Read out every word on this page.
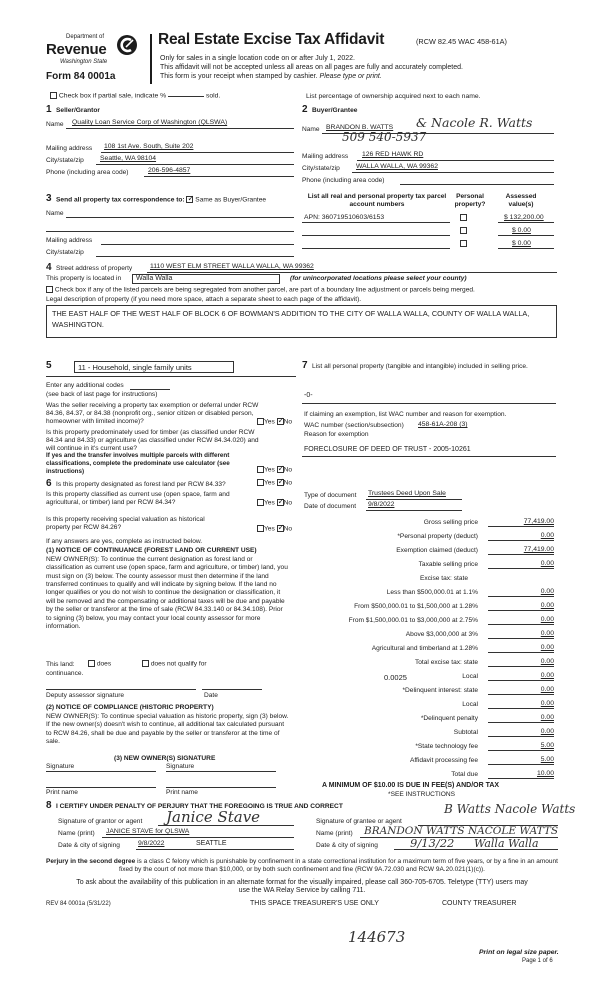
Department of
Revenue
Washington State
Form 84 0001a
Real Estate Excise Tax Affidavit	(RCW 82.45 WAC 458-61A)
Only for sales in a single location code on or after July 1, 2022.
This affidavit will not be accepted unless all areas on all pages are fully and accurately completed.
This form is your receipt when stamped by cashier. Please type or print.
Check box if partial sale, indicate %	sold.	List percentage of ownership acquired next to each name.
1 Seller/Grantor
Name Quality Loan Service Corp of Washington (QLSWA)
Mailing address 108 1st Ave. South, Suite 202
City/state/zip Seattle, WA 98104
Phone (including area code)	206-596-4857
2 Buyer/Grantee
Name BRANDON B. WATTS & Nacole R. Watts
509 540-5937
Mailing address 126 RED HAWK RD
City/state/zip WALLA WALLA, WA 99362
Phone (including area code)
3 Send all property tax correspondence to: ✓ Same as Buyer/Grantee
Name
Mailing address
City/state/zip
List all real and personal property tax parcel account numbers
Personal property?
Assessed value(s)
APN: 360719510603/6153	$ 132,200.00
$ 0.00
$ 0.00
4 Street address of property	1110 WEST ELM STREET WALLA WALLA, WA 99362
This property is located in Walla Walla	(for unincorporated locations please select your county)
Check box if any of the listed parcels are being segregated from another parcel, are part of a boundary line adjustment or parcels being merged.
Legal description of property (if you need more space, attach a separate sheet to each page of the affidavit).
THE EAST HALF OF THE WEST HALF OF BLOCK 6 OF BOWMAN'S ADDITION TO THE CITY OF WALLA WALLA, COUNTY OF WALLA WALLA, WASHINGTON.
5	11 - Household, single family units
Enter any additional codes
(see back of last page for instructions)
Was the seller receiving a property tax exemption or deferral under RCW 84.36, 84.37, or 84.38 (nonprofit org., senior citizen or disabled person, homeowner with limited income)?	Yes ✓ No
Is this property predominately used for timber (as classified under RCW 84.34 and 84.33) or agriculture (as classified under RCW 84.34.020) and will continue in it's current use?
If yes and the transfer involves multiple parcels with different classifications, complete the predominate use calculator (see instructions)	Yes ✓ No
6 Is this property designated as forest land per RCW 84.33?	Yes ✓ No
Is this property classified as current use (open space, farm and agricultural, or timber) land per RCW 84.34?	Yes ✓ No
Is this property receiving special valuation as historical property per RCW 84.26?	Yes ✓ No
If any answers are yes, complete as instructed below.
(1) NOTICE OF CONTINUANCE (FOREST LAND OR CURRENT USE)
NEW OWNER(S): To continue the current designation as forest land or classification as current use (open space, farm and agriculture, or timber) land, you must sign on (3) below. The county assessor must then determine if the land transferred continues to qualify and will indicate by signing below. If the land no longer qualifies or you do not wish to continue the designation or classification, it will be removed and the compensating or additional taxes will be due and payable by the seller or transferor at the time of sale (RCW 84.33.140 or 84.34.108). Prior to signing (3) below, you may contact your local county assessor for more information.
This land:	does	does not qualify for
continuance.
Deputy assessor signature	Date
(2) NOTICE OF COMPLIANCE (HISTORIC PROPERTY)
NEW OWNER(S): To continue special valuation as historic property, sign (3) below. If the new owner(s) doesn't wish to continue, all additional tax calculated pursuant to RCW 84.26, shall be due and payable by the seller or transferor at the time of sale.
(3) NEW OWNER(S) SIGNATURE
Signature	Signature
Print name	Print name
7 List all personal property (tangible and intangible) included in selling price.
-0-
If claiming an exemption, list WAC number and reason for exemption.
WAC number (section/subsection) 458-61A-208 (3)
Reason for exemption
FORECLOSURE OF DEED OF TRUST - 2005-10261
Type of document Trustees Deed Upon Sale
Date of document 9/8/2022
Gross selling price	77,419.00
*Personal property (deduct)	0.00
Exemption claimed (deduct)	77,419.00
Taxable selling price	0.00
Excise tax: state
Less than $500,000.01 at 1.1%	0.00
From $500,000.01 to $1,500,000 at 1.28%	0.00
From $1,500,000.01 to $3,000,000 at 2.75%	0.00
Above $3,000,000 at 3%	0.00
Agricultural and timberland at 1.28%	0.00
Total excise tax: state	0.00
0.0025	Local	0.00
*Delinquent interest: state	0.00
Local	0.00
*Delinquent penalty	0.00
Subtotal	0.00
*State technology fee	5.00
Affidavit processing fee	5.00
Total due	10.00
A MINIMUM OF $10.00 IS DUE IN FEE(S) AND/OR TAX
*SEE INSTRUCTIONS
8 I CERTIFY UNDER PENALTY OF PERJURY THAT THE FOREGOING IS TRUE AND CORRECT
Signature of grantor or agent Janice Stave
Name (print) JANICE STAVE for QLSWA
Date & city of signing	9/8/2022	SEATTLE
Signature of grantee or agent
B Watts Nacole Watts
Name (print) BRANDON WATTS NACOLE WATTS
Date & city of signing	9/13/22 Walla Walla
Perjury in the second degree is a class C felony which is punishable by confinement in a state correctional institution for a maximum term of five years, or by a fine in an amount fixed by the court of not more than $10,000, or by both such confinement and fine (RCW 9A.72.030 and RCW 9A.20.021(1)(c)).
To ask about the availability of this publication in an alternate format for the visually impaired, please call 360-705-6705. Teletype (TTY) users may use the WA Relay Service by calling 711.
REV 84 0001a (5/31/22)	THIS SPACE TREASURER'S USE ONLY	COUNTY TREASURER
144673
Print on legal size paper.
Page 1 of 6
